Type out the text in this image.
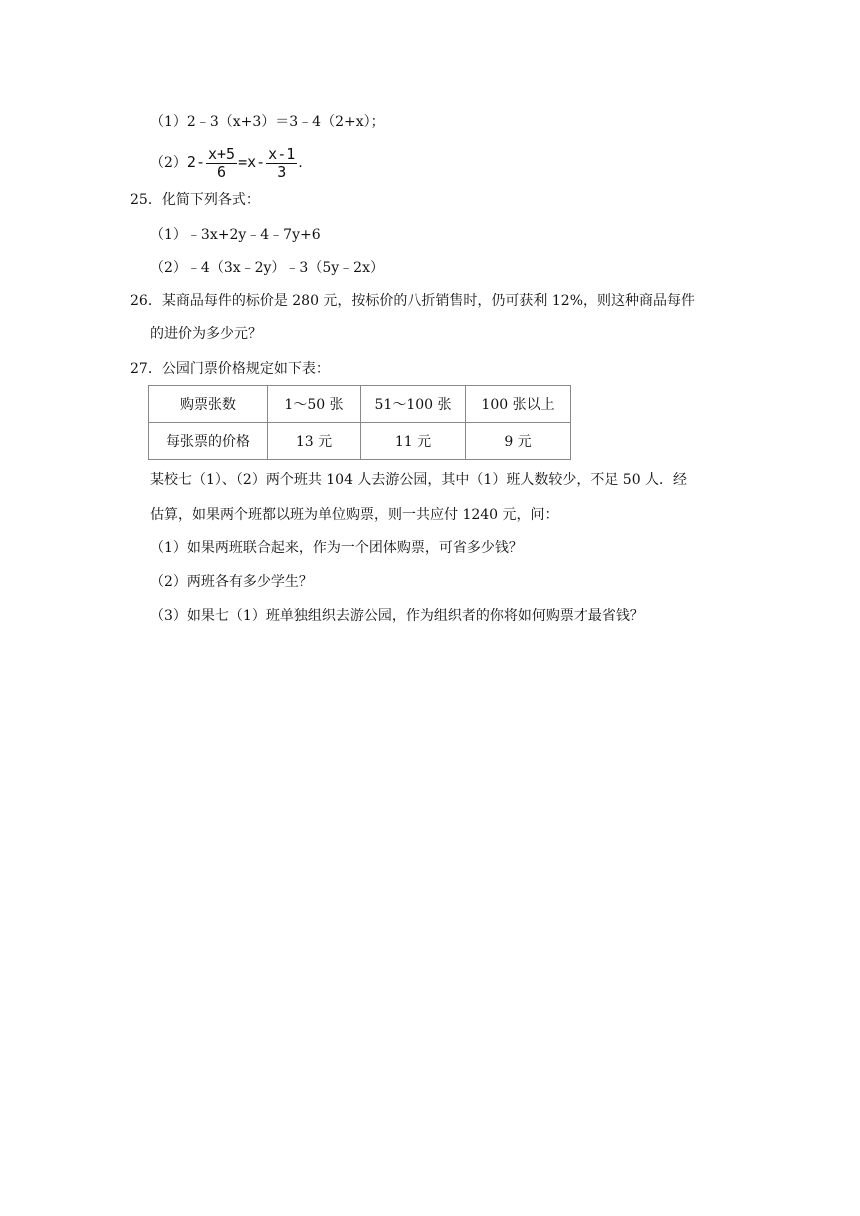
（1）2﹣3（x+3）＝3﹣4（2+x）；
$(2)2- \frac{x+5}{6} =x- \frac{x-1}{3}$ .
25．化简下列各式：
（1）﹣3x+2y﹣4﹣7y+6
（2）﹣4（3x﹣2y）﹣3（5y﹣2x）
26．某商品每件的标价是 280 元，按标价的八折销售时，仍可获利 12%，则这种商品每件
的进价为多少元？
27．公园门票价格规定如下表：
购票张数	1～50 张	51～100 张	100 张以上
每张票的价格	13 元	11 元	9 元
某校七（1）、（2）两个班共 104 人去游公园，其中（1）班人数较少，不足 50 人．经
估算，如果两个班都以班为单位购票，则一共应付 1240 元，问：
（1）如果两班联合起来，作为一个团体购票，可省多少钱？
（2）两班各有多少学生？
（3）如果七（1）班单独组织去游公园，作为组织者的你将如何购票才最省钱？
